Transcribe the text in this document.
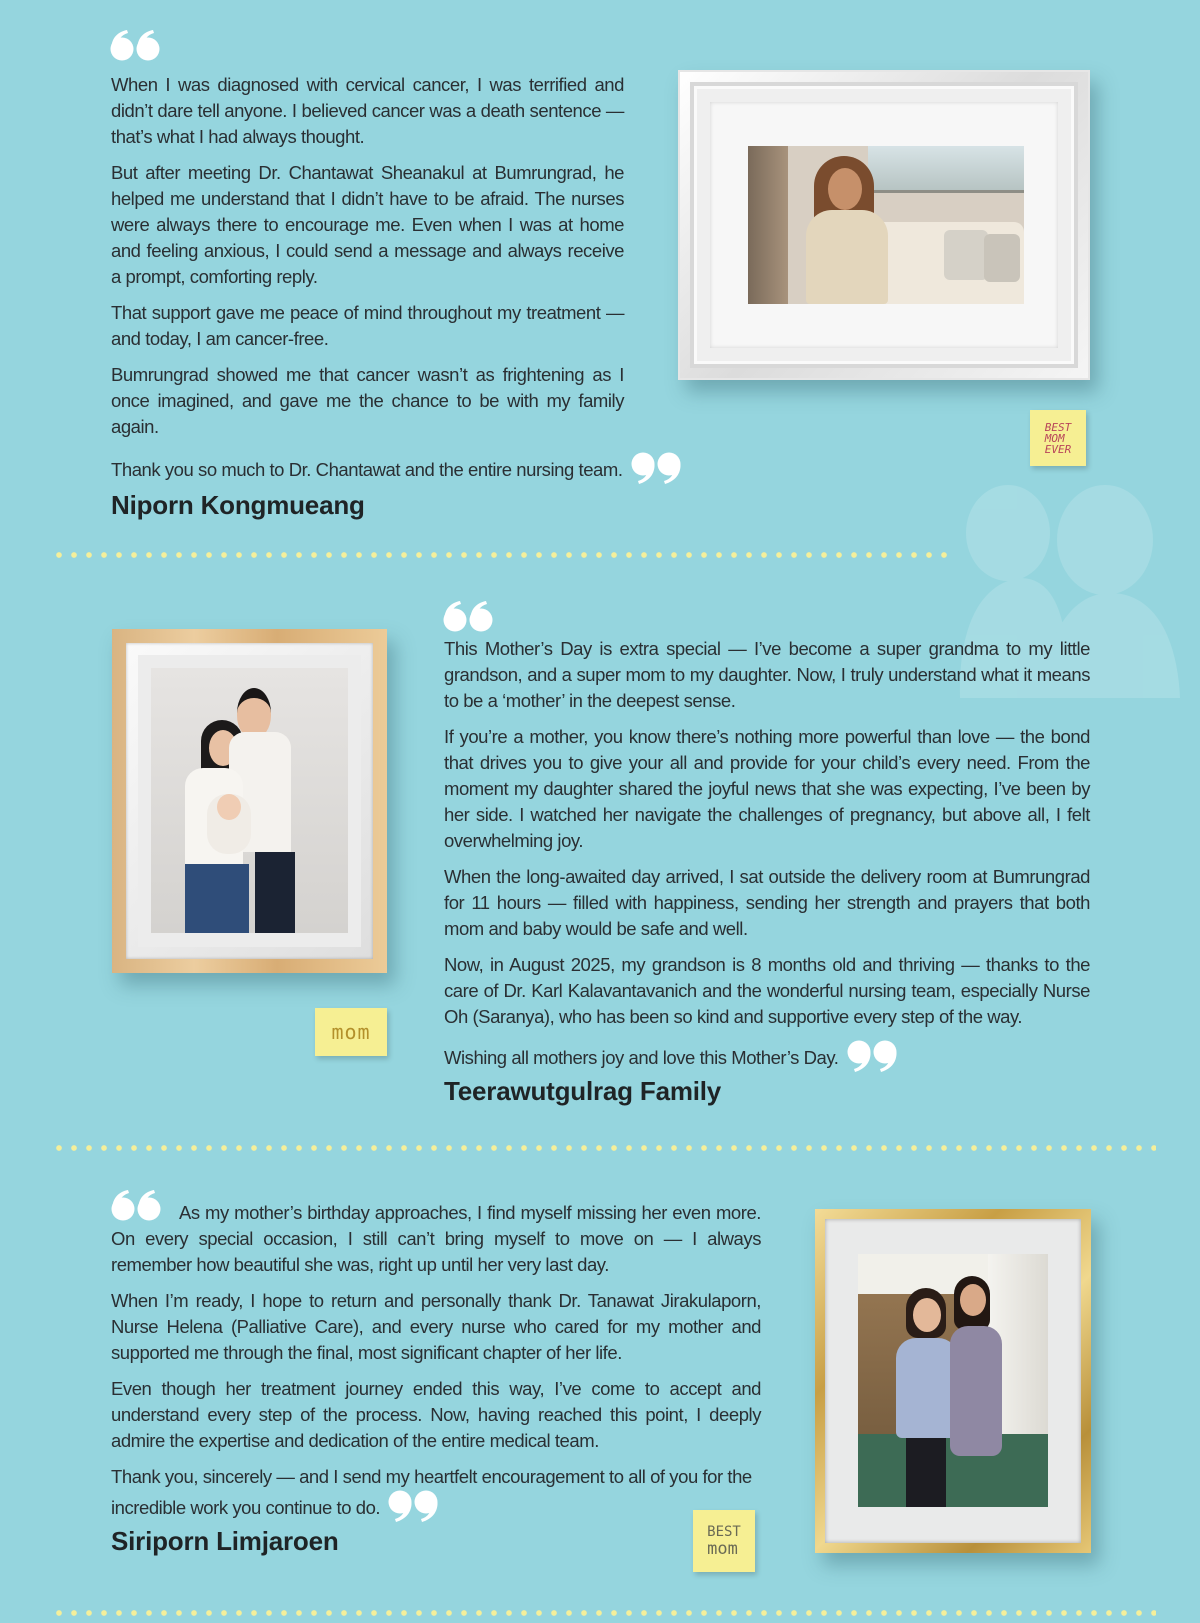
When I was diagnosed with cervical cancer, I was terrified and didn’t dare tell anyone. I believed cancer was a death sentence — that’s what I had always thought.

But after meeting Dr. Chantawat Sheanakul at Bumrungrad, he helped me understand that I didn’t have to be afraid. The nurses were always there to encourage me. Even when I was at home and feeling anxious, I could send a message and always receive a prompt, comforting reply.

That support gave me peace of mind throughout my treatment — and today, I am cancer-free.

Bumrungrad showed me that cancer wasn’t as frightening as I once imagined, and gave me the chance to be with my family again.

Thank you so much to Dr. Chantawat and the entire nursing team.

Niporn Kongmueang
BEST
MOM
EVER

This Mother’s Day is extra special — I’ve become a super grandma to my little grandson, and a super mom to my daughter. Now, I truly understand what it means to be a ‘mother’ in the deepest sense.

If you’re a mother, you know there’s nothing more powerful than love — the bond that drives you to give your all and provide for your child’s every need. From the moment my daughter shared the joyful news that she was expecting, I’ve been by her side. I watched her navigate the challenges of pregnancy, but above all, I felt overwhelming joy.

When the long-awaited day arrived, I sat outside the delivery room at Bumrungrad for 11 hours — filled with happiness, sending her strength and prayers that both mom and baby would be safe and well.

Now, in August 2025, my grandson is 8 months old and thriving — thanks to the care of Dr. Karl Kalavantavanich and the wonderful nursing team, especially Nurse Oh (Saranya), who has been so kind and supportive every step of the way.

Wishing all mothers joy and love this Mother’s Day.

Teerawutgulrag Family
mom

As my mother’s birthday approaches, I find myself missing her even more. On every special occasion, I still can’t bring myself to move on — I always remember how beautiful she was, right up until her very last day.

When I’m ready, I hope to return and personally thank Dr. Tanawat Jirakulaporn, Nurse Helena (Palliative Care), and every nurse who cared for my mother and supported me through the final, most significant chapter of her life.

Even though her treatment journey ended this way, I’ve come to accept and understand every step of the process. Now, having reached this point, I deeply admire the expertise and dedication of the entire medical team.

Thank you, sincerely — and I send my heartfelt encouragement to all of you for the incredible work you continue to do.

Siriporn Limjaroen	BEST
mom
